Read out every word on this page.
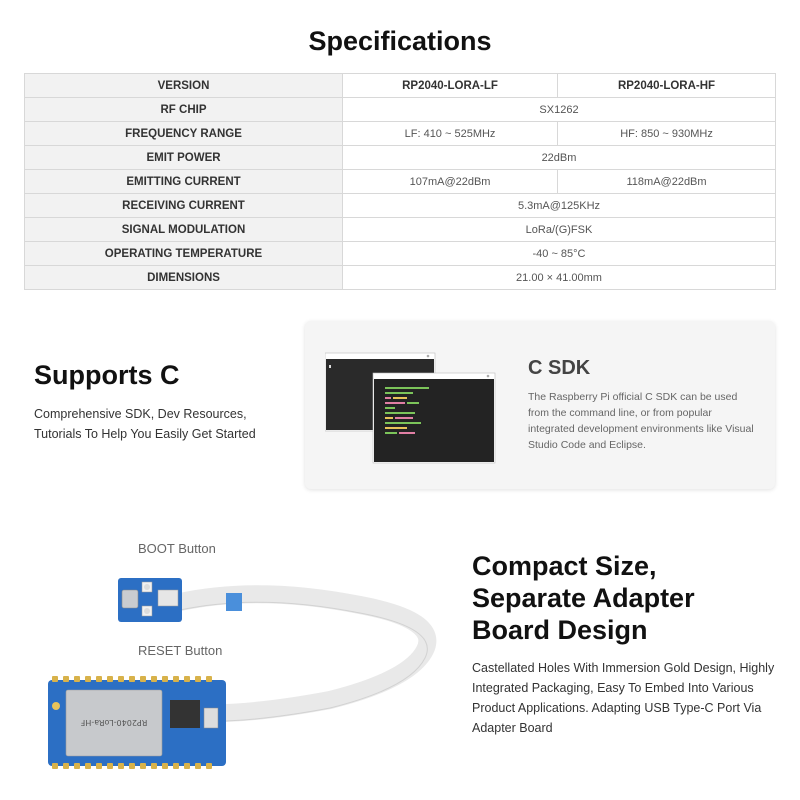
Specifications
VERSION	RP2040-LORA-LF	RP2040-LORA-HF
RF CHIP	SX1262	
FREQUENCY RANGE	LF: 410 ~ 525MHz	HF: 850 ~ 930MHz
EMIT POWER	22dBm	
EMITTING CURRENT	107mA@22dBm	118mA@22dBm
RECEIVING CURRENT	5.3mA@125KHz	
SIGNAL MODULATION	LoRa/(G)FSK	
OPERATING TEMPERATURE	-40 ~ 85°C	
DIMENSIONS	21.00 × 41.00mm	
Supports C
Comprehensive SDK, Dev Resources, Tutorials To Help You Easily Get Started
C SDK
The Raspberry Pi official C SDK can be used from the command line, or from popular integrated development environments like Visual Studio Code and Eclipse.
RP2040-LoRa-HF
BOOT Button
RESET Button
Compact Size,
Separate Adapter
Board Design
Castellated Holes With Immersion Gold Design, Highly Integrated Packaging, Easy To Embed Into Various Product Applications. Adapting USB Type-C Port Via Adapter Board
